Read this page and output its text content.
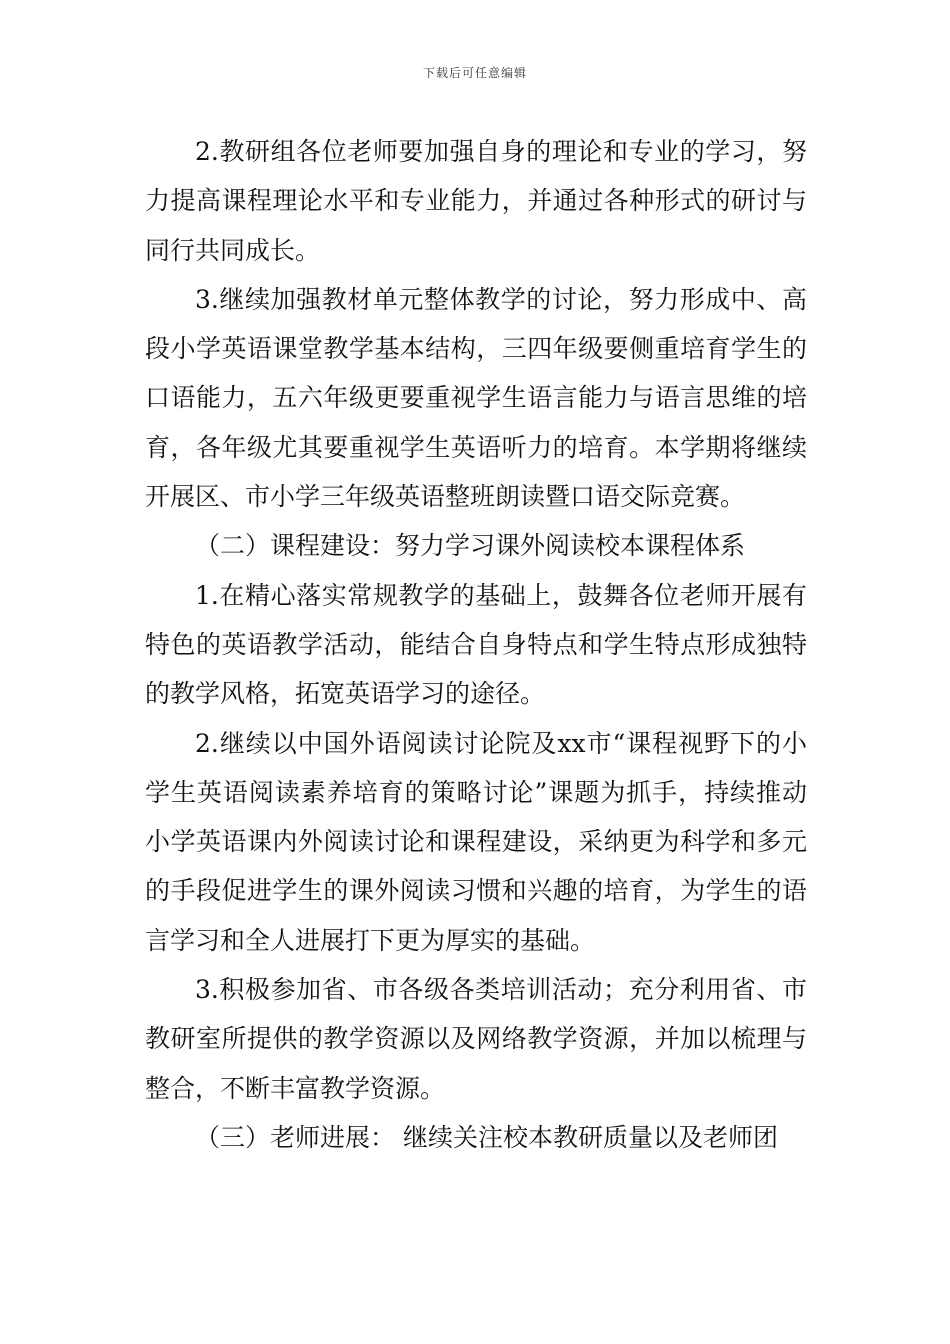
下载后可任意编辑

2.教研组各位老师要加强自身的理论和专业的学习，努力提高课程理论水平和专业能力，并通过各种形式的研讨与同行共同成长。

3.继续加强教材单元整体教学的讨论，努力形成中、高段小学英语课堂教学基本结构，三四年级要侧重培育学生的口语能力，五六年级更要重视学生语言能力与语言思维的培育，各年级尤其要重视学生英语听力的培育。本学期将继续开展区、市小学三年级英语整班朗读暨口语交际竞赛。

（二）课程建设：努力学习课外阅读校本课程体系

1.在精心落实常规教学的基础上，鼓舞各位老师开展有特色的英语教学活动，能结合自身特点和学生特点形成独特的教学风格，拓宽英语学习的途径。

2.继续以中国外语阅读讨论院及xx市“课程视野下的小学生英语阅读素养培育的策略讨论”课题为抓手，持续推动小学英语课内外阅读讨论和课程建设，采纳更为科学和多元的手段促进学生的课外阅读习惯和兴趣的培育，为学生的语言学习和全人进展打下更为厚实的基础。

3.积极参加省、市各级各类培训活动；充分利用省、市教研室所提供的教学资源以及网络教学资源，并加以梳理与整合，不断丰富教学资源。

（三）老师进展： 继续关注校本教研质量以及老师团
